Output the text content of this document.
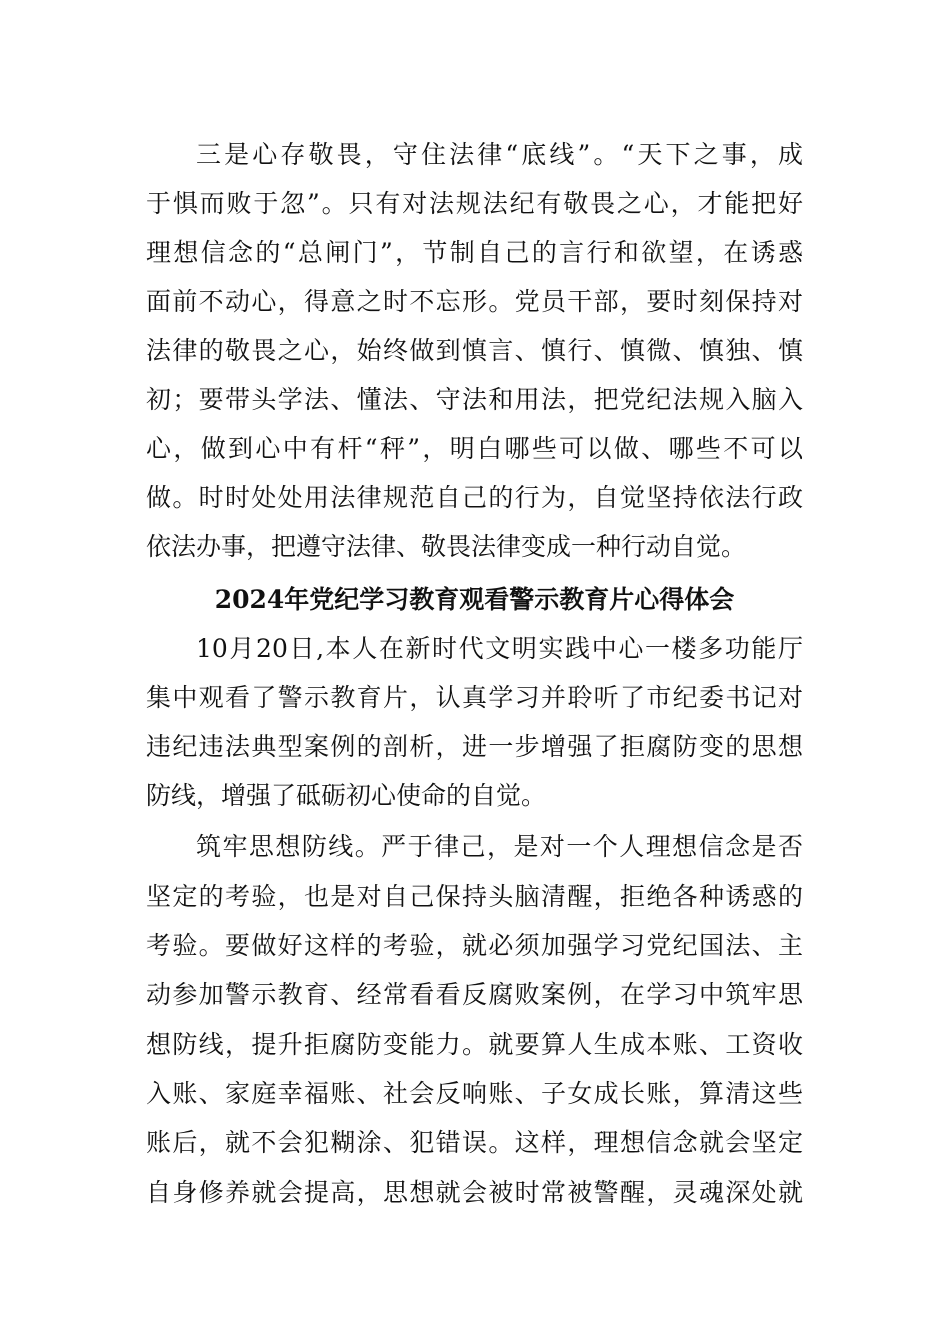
三是心存敬畏，守住法律“底线”。“天下之事，成
于惧而败于忽”。只有对法规法纪有敬畏之心，才能把好
理想信念的“总闸门”，节制自己的言行和欲望，在诱惑
面前不动心，得意之时不忘形。党员干部，要时刻保持对
法律的敬畏之心，始终做到慎言、慎行、慎微、慎独、慎
初；要带头学法、懂法、守法和用法，把党纪法规入脑入
心，做到心中有杆“秤”，明白哪些可以做、哪些不可以
做。时时处处用法律规范自己的行为，自觉坚持依法行政
依法办事，把遵守法律、敬畏法律变成一种行动自觉。
2024年党纪学习教育观看警示教育片心得体会
10月20日,本人在新时代文明实践中心一楼多功能厅
集中观看了警示教育片，认真学习并聆听了市纪委书记对
违纪违法典型案例的剖析，进一步增强了拒腐防变的思想
防线，增强了砥砺初心使命的自觉。
筑牢思想防线。严于律己，是对一个人理想信念是否
坚定的考验，也是对自己保持头脑清醒，拒绝各种诱惑的
考验。要做好这样的考验，就必须加强学习党纪国法、主
动参加警示教育、经常看看反腐败案例，在学习中筑牢思
想防线，提升拒腐防变能力。就要算人生成本账、工资收
入账、家庭幸福账、社会反响账、子女成长账，算清这些
账后，就不会犯糊涂、犯错误。这样，理想信念就会坚定
自身修养就会提高，思想就会被时常被警醒，灵魂深处就
